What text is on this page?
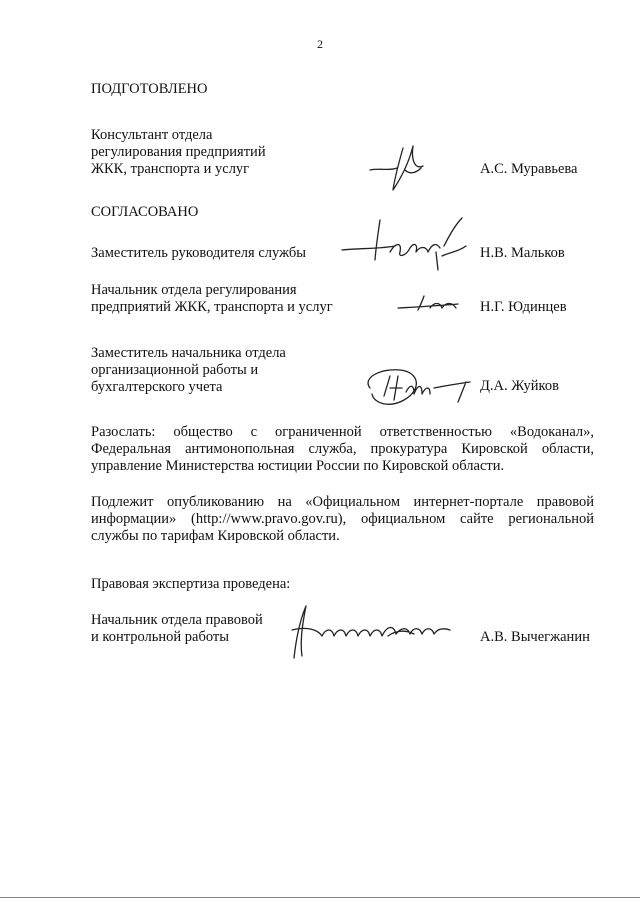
2
ПОДГОТОВЛЕНО
Консультант отдела
регулирования предприятий
ЖКК, транспорта и услуг	А.С. Муравьева
СОГЛАСОВАНО
Заместитель руководителя службы	Н.В. Мальков
Начальник отдела регулирования
предприятий ЖКК, транспорта и услуг	Н.Г. Юдинцев
Заместитель начальника отдела
организационной работы и
бухгалтерского учета	Д.А. Жуйков
Разослать: общество с ограниченной ответственностью «Водоканал», Федеральная антимонопольная служба, прокуратура Кировской области, управление Министерства юстиции России по Кировской области.
Подлежит опубликованию на «Официальном интернет-портале правовой информации» (http://www.pravo.gov.ru), официальном сайте региональной службы по тарифам Кировской области.
Правовая экспертиза проведена:
Начальник отдела правовой
и контрольной работы	А.В. Вычегжанин
